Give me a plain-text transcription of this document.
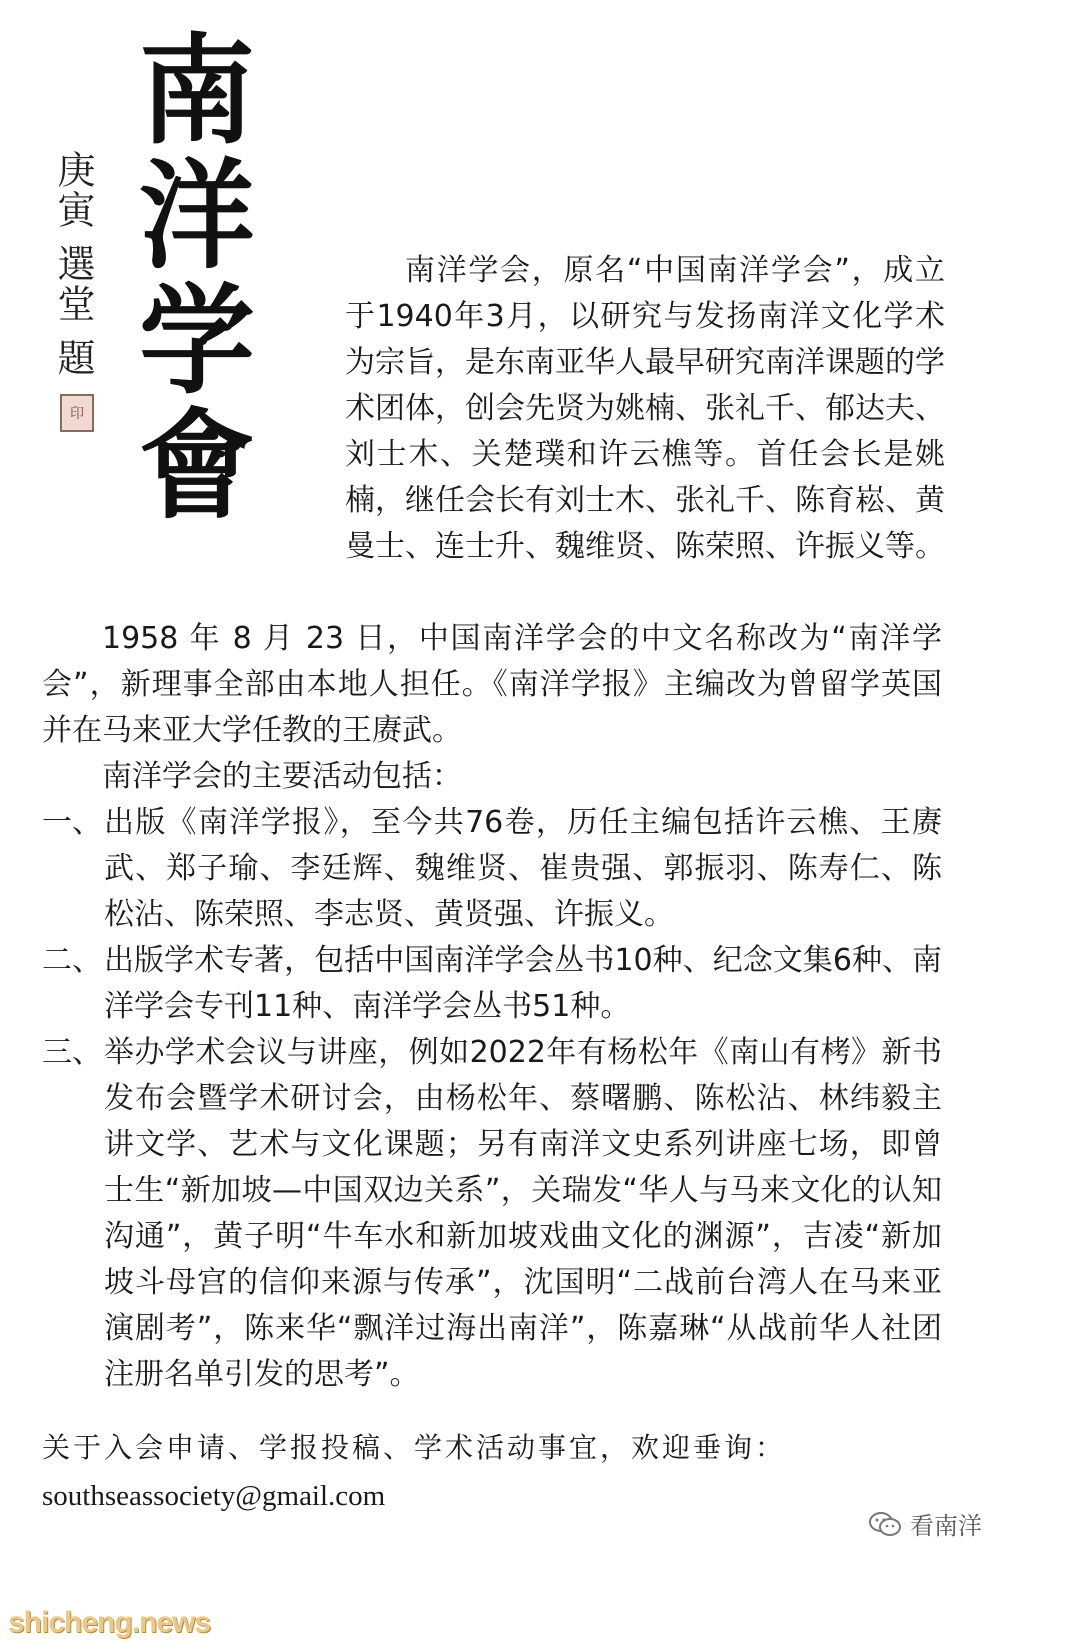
南
洋
学
會
庚寅 選堂 題
印
南洋学会，原名“中国南洋学会”，成立于1940年3月，以研究与发扬南洋文化学术为宗旨，是东南亚华人最早研究南洋课题的学术团体，创会先贤为姚楠、张礼千、郁达夫、刘士木、关楚璞和许云樵等。首任会长是姚楠，继任会长有刘士木、张礼千、陈育崧、黄曼士、连士升、魏维贤、陈荣照、许振义等。
1958 年 8 月 23 日，中国南洋学会的中文名称改为“南洋学会”，新理事全部由本地人担任。《南洋学报》主编改为曾留学英国并在马来亚大学任教的王赓武。
南洋学会的主要活动包括：
一、 出版《南洋学报》，至今共76卷，历任主编包括许云樵、王赓武、郑子瑜、李廷辉、魏维贤、崔贵强、郭振羽、陈寿仁、陈松沾、陈荣照、李志贤、黄贤强、许振义。
二、 出版学术专著，包括中国南洋学会丛书10种、纪念文集6种、南洋学会专刊11种、南洋学会丛书51种。
三、 举办学术会议与讲座，例如2022年有杨松年《南山有栲》新书发布会暨学术研讨会，由杨松年、蔡曙鹏、陈松沾、林纬毅主讲文学、艺术与文化课题；另有南洋文史系列讲座七场，即曾士生“新加坡—中国双边关系”，关瑞发“华人与马来文化的认知沟通”，黄子明“牛车水和新加坡戏曲文化的渊源”，吉凌“新加坡斗母宫的信仰来源与传承”，沈国明“二战前台湾人在马来亚演剧考”，陈来华“飘洋过海出南洋”，陈嘉琳“从战前华人社团注册名单引发的思考”。
关于入会申请、学报投稿、学术活动事宜，欢迎垂询：
southseassociety@gmail.com
看南洋
shicheng.news
